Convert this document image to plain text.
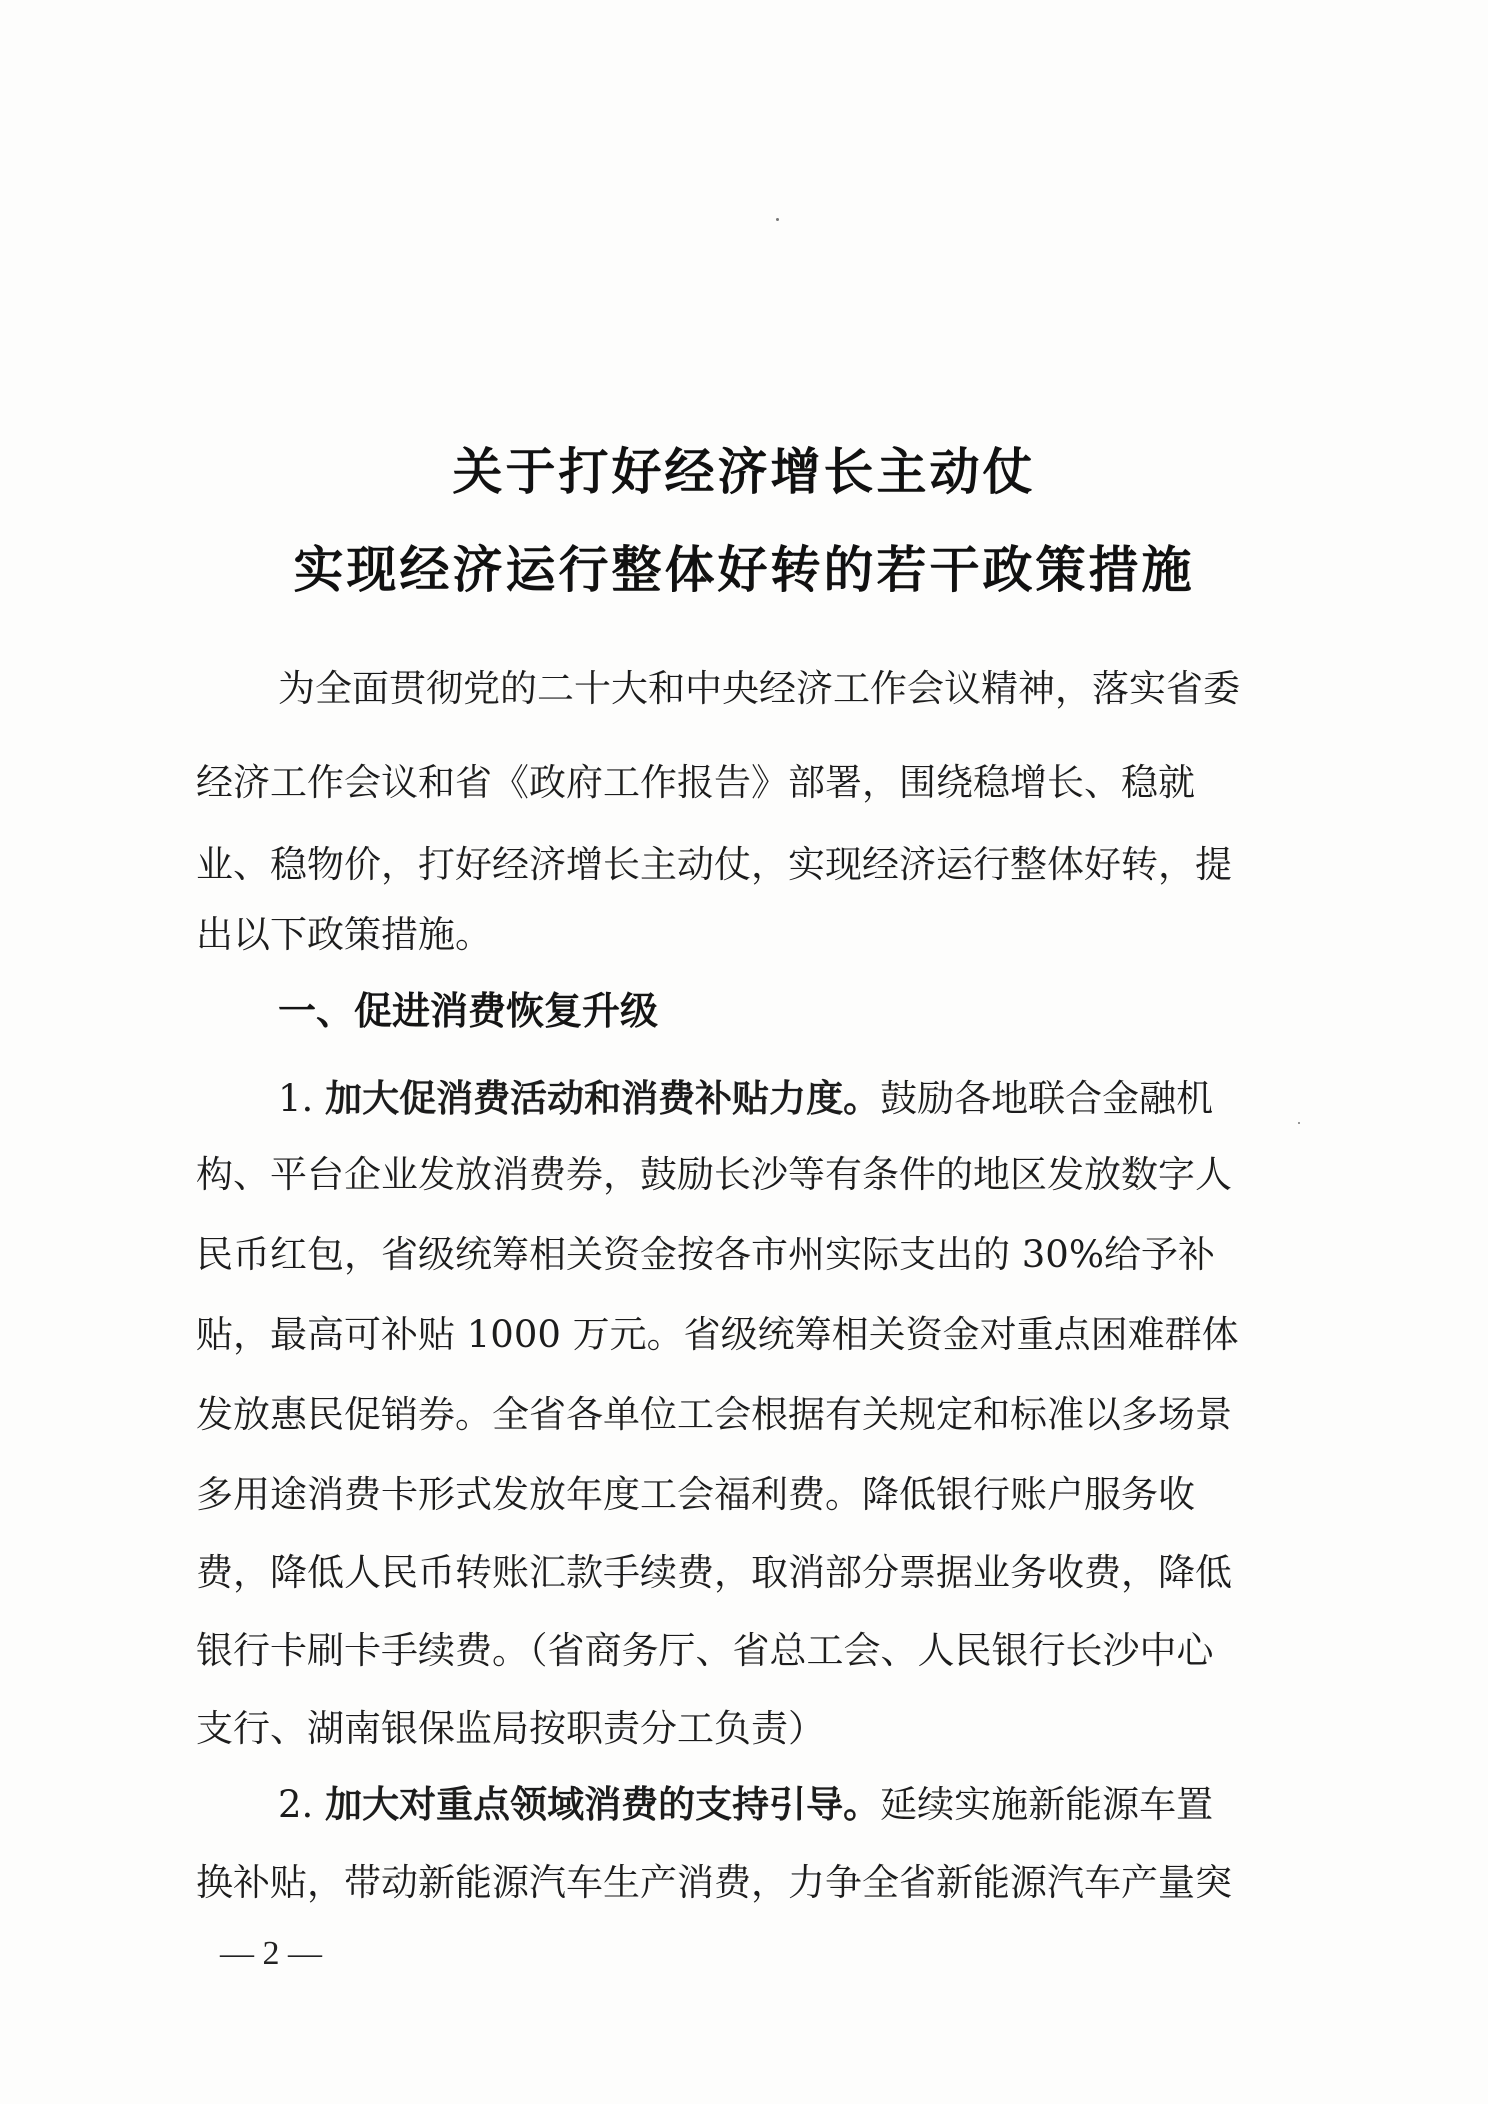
关于打好经济增长主动仗
实现经济运行整体好转的若干政策措施
为全面贯彻党的二十大和中央经济工作会议精神，落实省委
经济工作会议和省《政府工作报告》部署，围绕稳增长、稳就
业、稳物价，打好经济增长主动仗，实现经济运行整体好转，提
出以下政策措施。
一、促进消费恢复升级
1. 加大促消费活动和消费补贴力度。鼓励各地联合金融机
构、平台企业发放消费券，鼓励长沙等有条件的地区发放数字人
民币红包，省级统筹相关资金按各市州实际支出的 30%给予补
贴，最高可补贴 1000 万元。省级统筹相关资金对重点困难群体
发放惠民促销券。全省各单位工会根据有关规定和标准以多场景
多用途消费卡形式发放年度工会福利费。降低银行账户服务收
费，降低人民币转账汇款手续费，取消部分票据业务收费，降低
银行卡刷卡手续费。（省商务厅、省总工会、人民银行长沙中心
支行、湖南银保监局按职责分工负责）
2. 加大对重点领域消费的支持引导。延续实施新能源车置
换补贴，带动新能源汽车生产消费，力争全省新能源汽车产量突
— 2 —
